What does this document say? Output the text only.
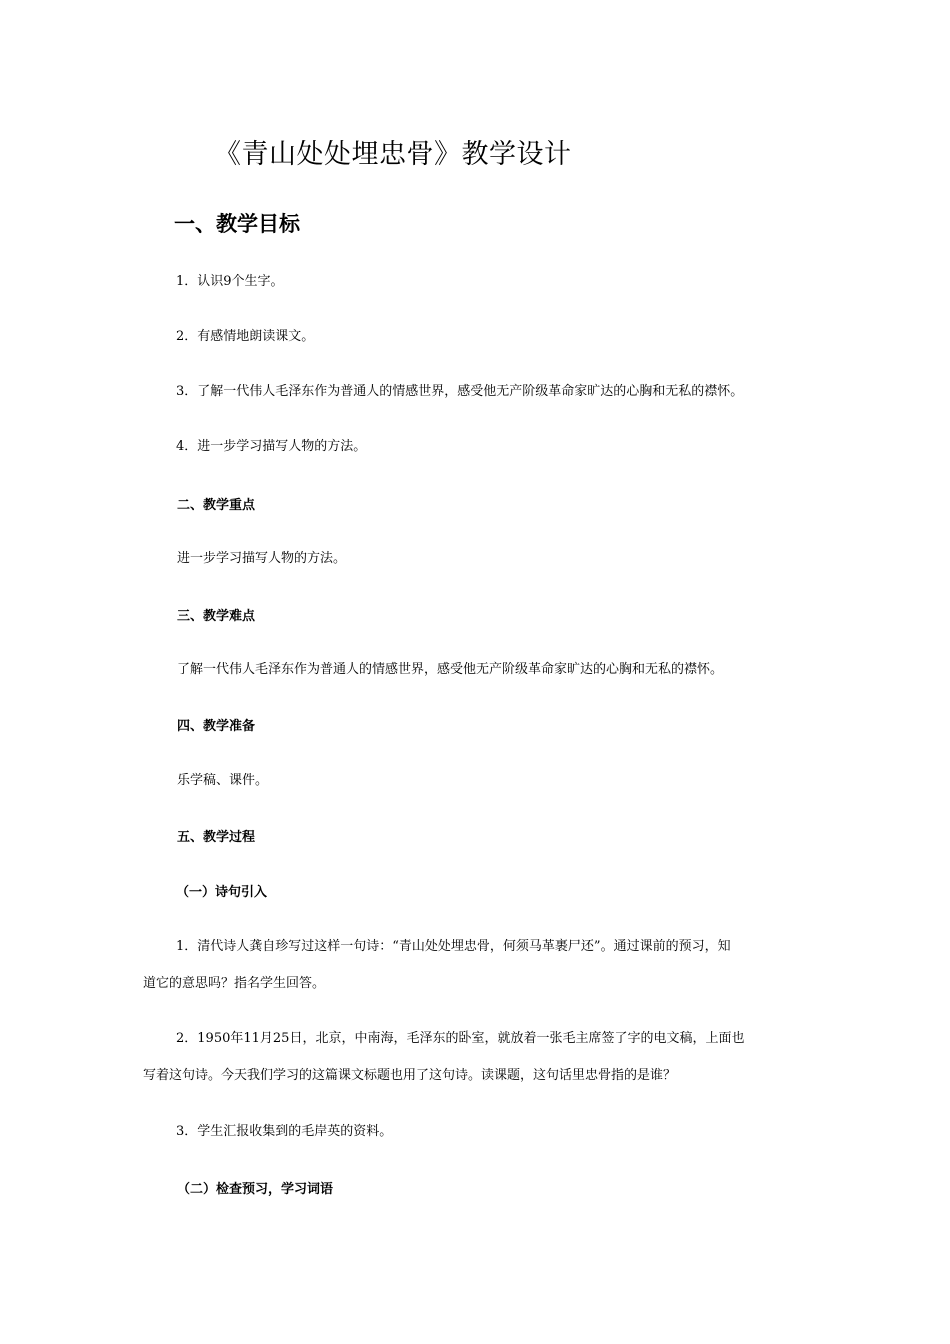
《青山处处埋忠骨》教学设计
一、教学目标
1．认识9个生字。
2．有感情地朗读课文。
3．了解一代伟人毛泽东作为普通人的情感世界，感受他无产阶级革命家旷达的心胸和无私的襟怀。
4．进一步学习描写人物的方法。
二、教学重点
进一步学习描写人物的方法。
三、教学难点
了解一代伟人毛泽东作为普通人的情感世界，感受他无产阶级革命家旷达的心胸和无私的襟怀。
四、教学准备
乐学稿、课件。
五、教学过程
（一）诗句引入
1．清代诗人龚自珍写过这样一句诗：“青山处处埋忠骨，何须马革裹尸还”。通过课前的预习，知
道它的意思吗？指名学生回答。
2．1950年11月25日，北京，中南海，毛泽东的卧室，就放着一张毛主席签了字的电文稿，上面也
写着这句诗。今天我们学习的这篇课文标题也用了这句诗。读课题，这句话里忠骨指的是谁？
3．学生汇报收集到的毛岸英的资料。
（二）检查预习，学习词语
